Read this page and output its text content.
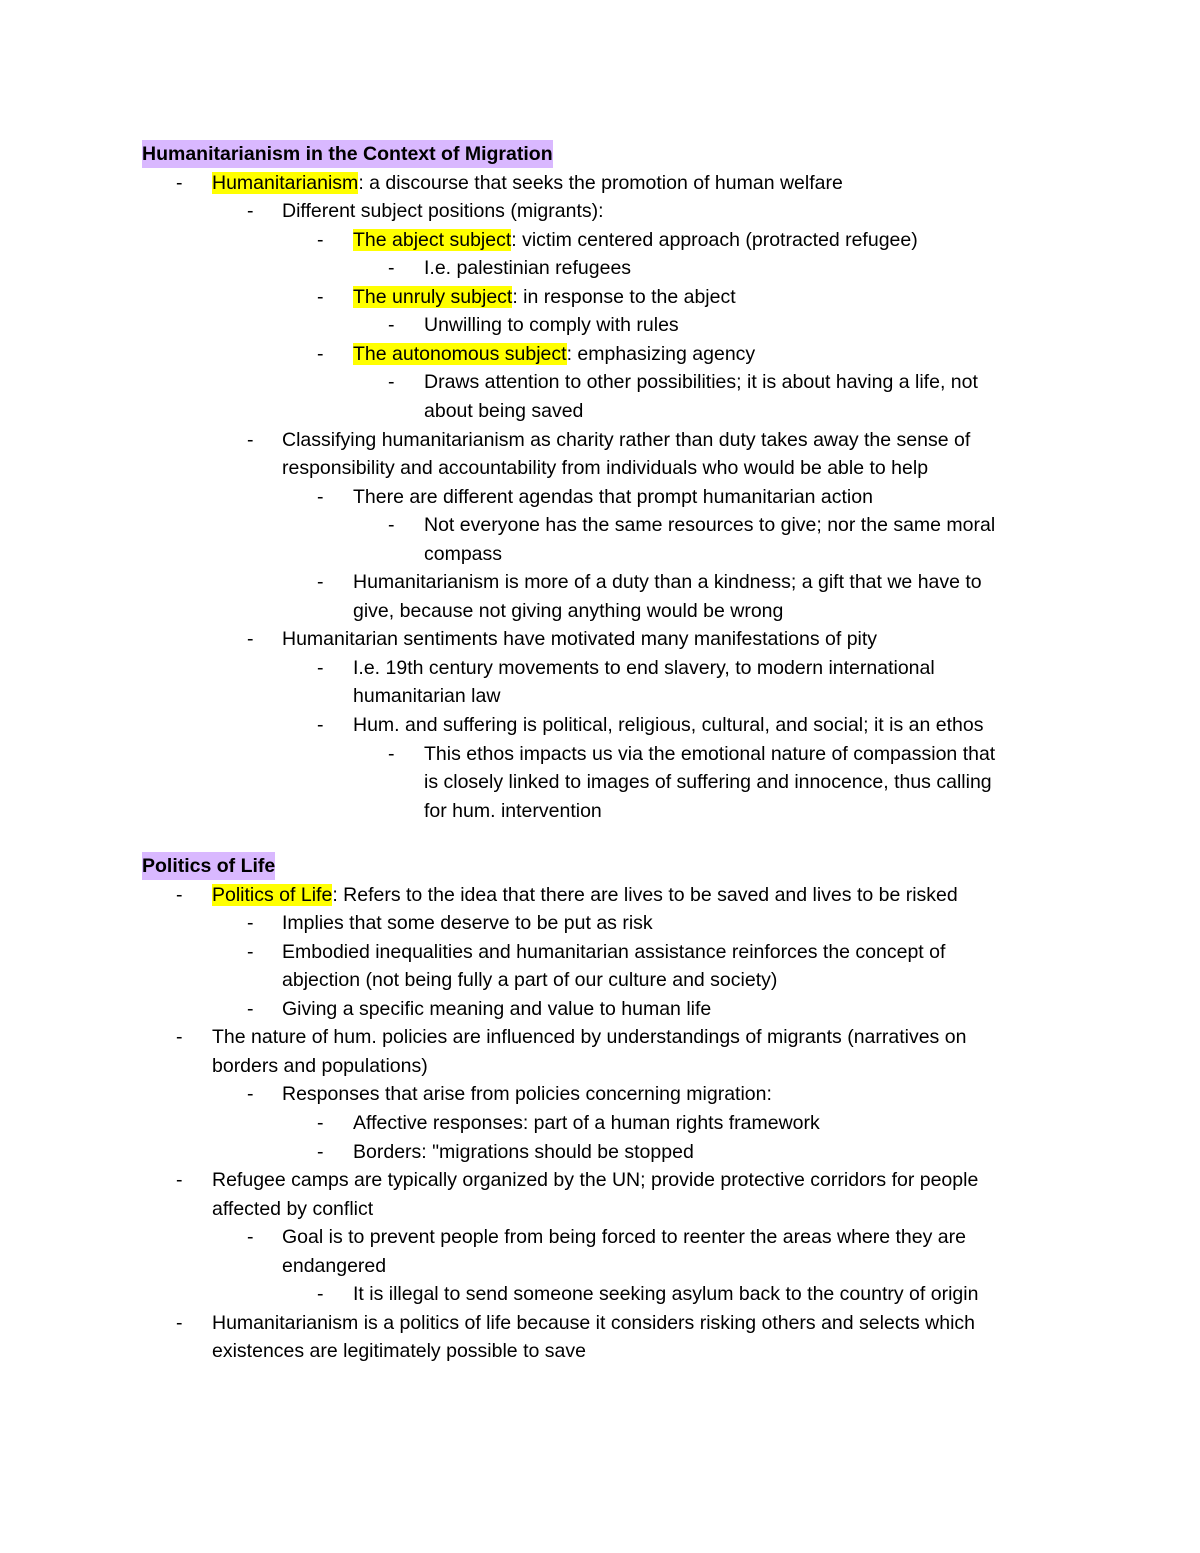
Humanitarianism in the Context of Migration
-	Humanitarianism: a discourse that seeks the promotion of human welfare
-	Different subject positions (migrants):
-	The abject subject: victim centered approach (protracted refugee)
-	I.e. palestinian refugees
-	The unruly subject: in response to the abject
-	Unwilling to comply with rules
-	The autonomous subject: emphasizing agency
-	Draws attention to other possibilities; it is about having a life, not
about being saved
-	Classifying humanitarianism as charity rather than duty takes away the sense of
responsibility and accountability from individuals who would be able to help
-	There are different agendas that prompt humanitarian action
-	Not everyone has the same resources to give; nor the same moral
compass
-	Humanitarianism is more of a duty than a kindness; a gift that we have to
give, because not giving anything would be wrong
-	Humanitarian sentiments have motivated many manifestations of pity
-	I.e. 19th century movements to end slavery, to modern international
humanitarian law
-	Hum. and suffering is political, religious, cultural, and social; it is an ethos
-	This ethos impacts us via the emotional nature of compassion that
is closely linked to images of suffering and innocence, thus calling
for hum. intervention
Politics of Life
-	Politics of Life: Refers to the idea that there are lives to be saved and lives to be risked
-	Implies that some deserve to be put as risk
-	Embodied inequalities and humanitarian assistance reinforces the concept of
abjection (not being fully a part of our culture and society)
-	Giving a specific meaning and value to human life
-	The nature of hum. policies are influenced by understandings of migrants (narratives on
borders and populations)
-	Responses that arise from policies concerning migration:
-	Affective responses: part of a human rights framework
-	Borders: "migrations should be stopped
-	Refugee camps are typically organized by the UN; provide protective corridors for people
affected by conflict
-	Goal is to prevent people from being forced to reenter the areas where they are
endangered
-	It is illegal to send someone seeking asylum back to the country of origin
-	Humanitarianism is a politics of life because it considers risking others and selects which
existences are legitimately possible to save
